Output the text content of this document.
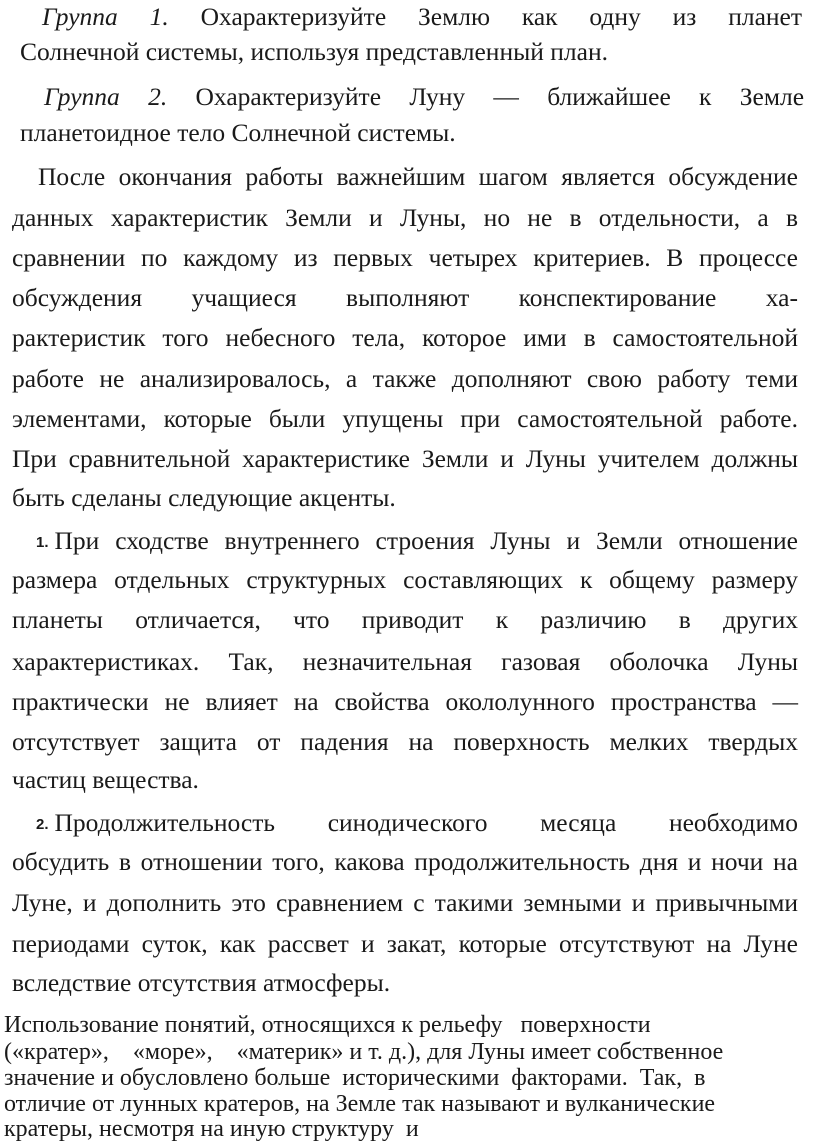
Группа 1. Охарактеризуйте Землю как одну из планет
Солнечной системы, используя представленный план.
Группа 2. Охарактеризуйте Луну — ближайшее к Земле
планетоидное тело Солнечной системы.
После окончания работы важнейшим шагом является обсуждение
данных характеристик Земли и Луны, но не в отдельности, а в
сравнении по каждому из первых четырех критериев. В процессе
обсуждения учащиеся выполняют конспектирование ха-
рактеристик того небесного тела, которое ими в самостоятельной
работе не анализировалось, а также дополняют свою работу теми
элементами, которые были упущены при самостоятельной работе.
При сравнительной характеристике Земли и Луны учителем должны
быть сделаны следующие акценты.
1. При сходстве внутреннего строения Луны и Земли отношение
размера отдельных структурных составляющих к общему размеру
планеты отличается, что приводит к различию в других
характеристиках. Так, незначительная газовая оболочка Луны
практически не влияет на свойства окололунного пространства —
отсутствует защита от падения на поверхность мелких твердых
частиц вещества.
2. Продолжительность синодического месяца необходимо
обсудить в отношении того, какова продолжительность дня и ночи на
Луне, и дополнить это сравнением с такими земными и привычными
периодами суток, как рассвет и закат, которые отсутствуют на Луне
вследствие отсутствия атмосферы.
Использование понятий, относящихся к рельефу   поверхности
(«кратер»,    «море»,    «материк» и т. д.), для Луны имеет собственное
значение и обусловлено больше  историческими  факторами.  Так,  в
отличие от лунных кратеров, на Земле так называют и вулканические
кратеры, несмотря на иную структуру  и
